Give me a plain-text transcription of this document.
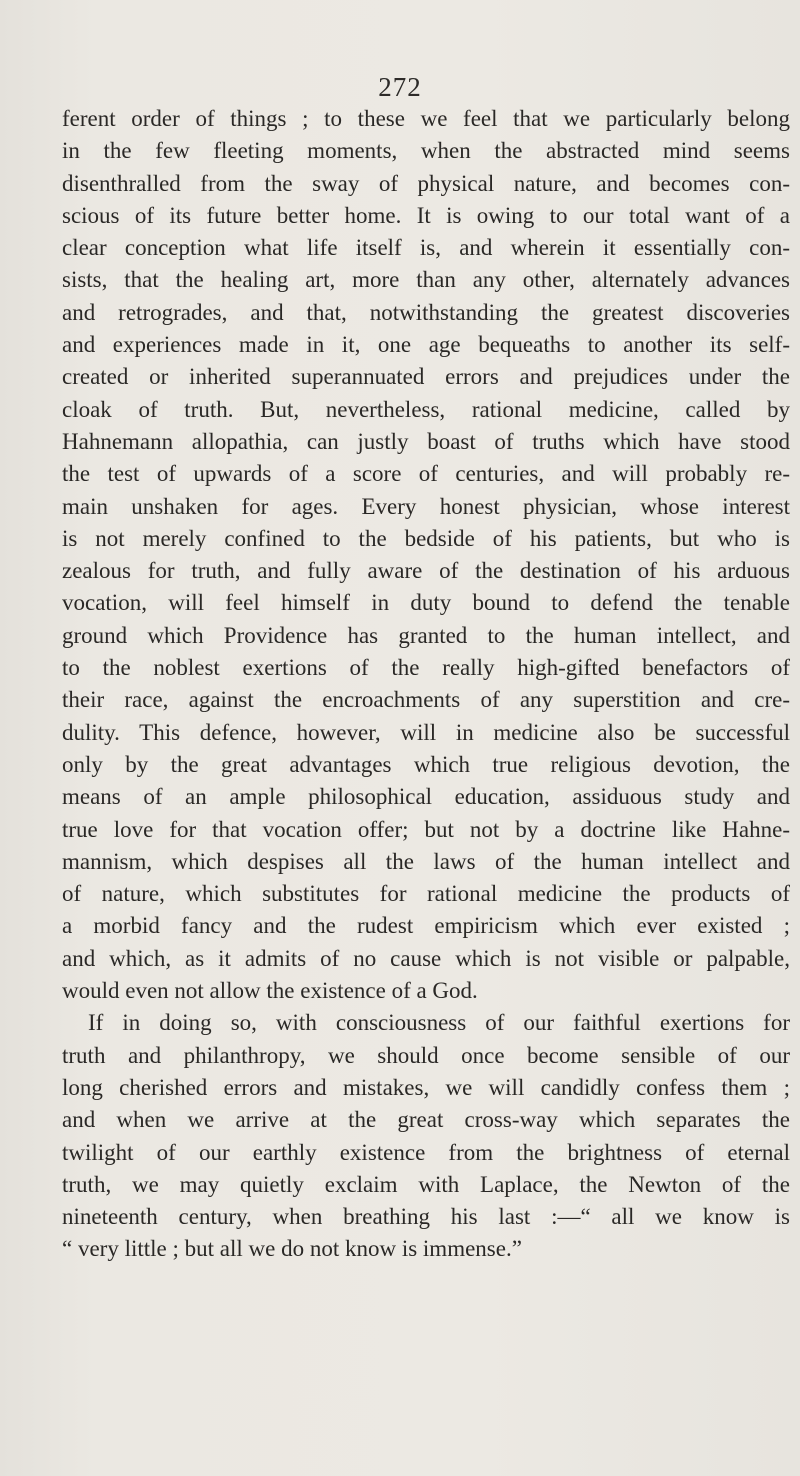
272
ferent order of things ; to these we feel that we particularly belong
in the few fleeting moments, when the abstracted mind seems
disenthralled from the sway of physical nature, and becomes con-
scious of its future better home. It is owing to our total want of a
clear conception what life itself is, and wherein it essentially con-
sists, that the healing art, more than any other, alternately advances
and retrogrades, and that, notwithstanding the greatest discoveries
and experiences made in it, one age bequeaths to another its self-
created or inherited superannuated errors and prejudices under the
cloak of truth. But, nevertheless, rational medicine, called by
Hahnemann allopathia, can justly boast of truths which have stood
the test of upwards of a score of centuries, and will probably re-
main unshaken for ages. Every honest physician, whose interest
is not merely confined to the bedside of his patients, but who is
zealous for truth, and fully aware of the destination of his arduous
vocation, will feel himself in duty bound to defend the tenable
ground which Providence has granted to the human intellect, and
to the noblest exertions of the really high-gifted benefactors of
their race, against the encroachments of any superstition and cre-
dulity. This defence, however, will in medicine also be successful
only by the great advantages which true religious devotion, the
means of an ample philosophical education, assiduous study and
true love for that vocation offer; but not by a doctrine like Hahne-
mannism, which despises all the laws of the human intellect and
of nature, which substitutes for rational medicine the products of
a morbid fancy and the rudest empiricism which ever existed ;
and which, as it admits of no cause which is not visible or palpable,
would even not allow the existence of a God.
If in doing so, with consciousness of our faithful exertions for
truth and philanthropy, we should once become sensible of our
long cherished errors and mistakes, we will candidly confess them ;
and when we arrive at the great cross-way which separates the
twilight of our earthly existence from the brightness of eternal
truth, we may quietly exclaim with Laplace, the Newton of the
nineteenth century, when breathing his last :—“ all we know is
“ very little ; but all we do not know is immense.”
